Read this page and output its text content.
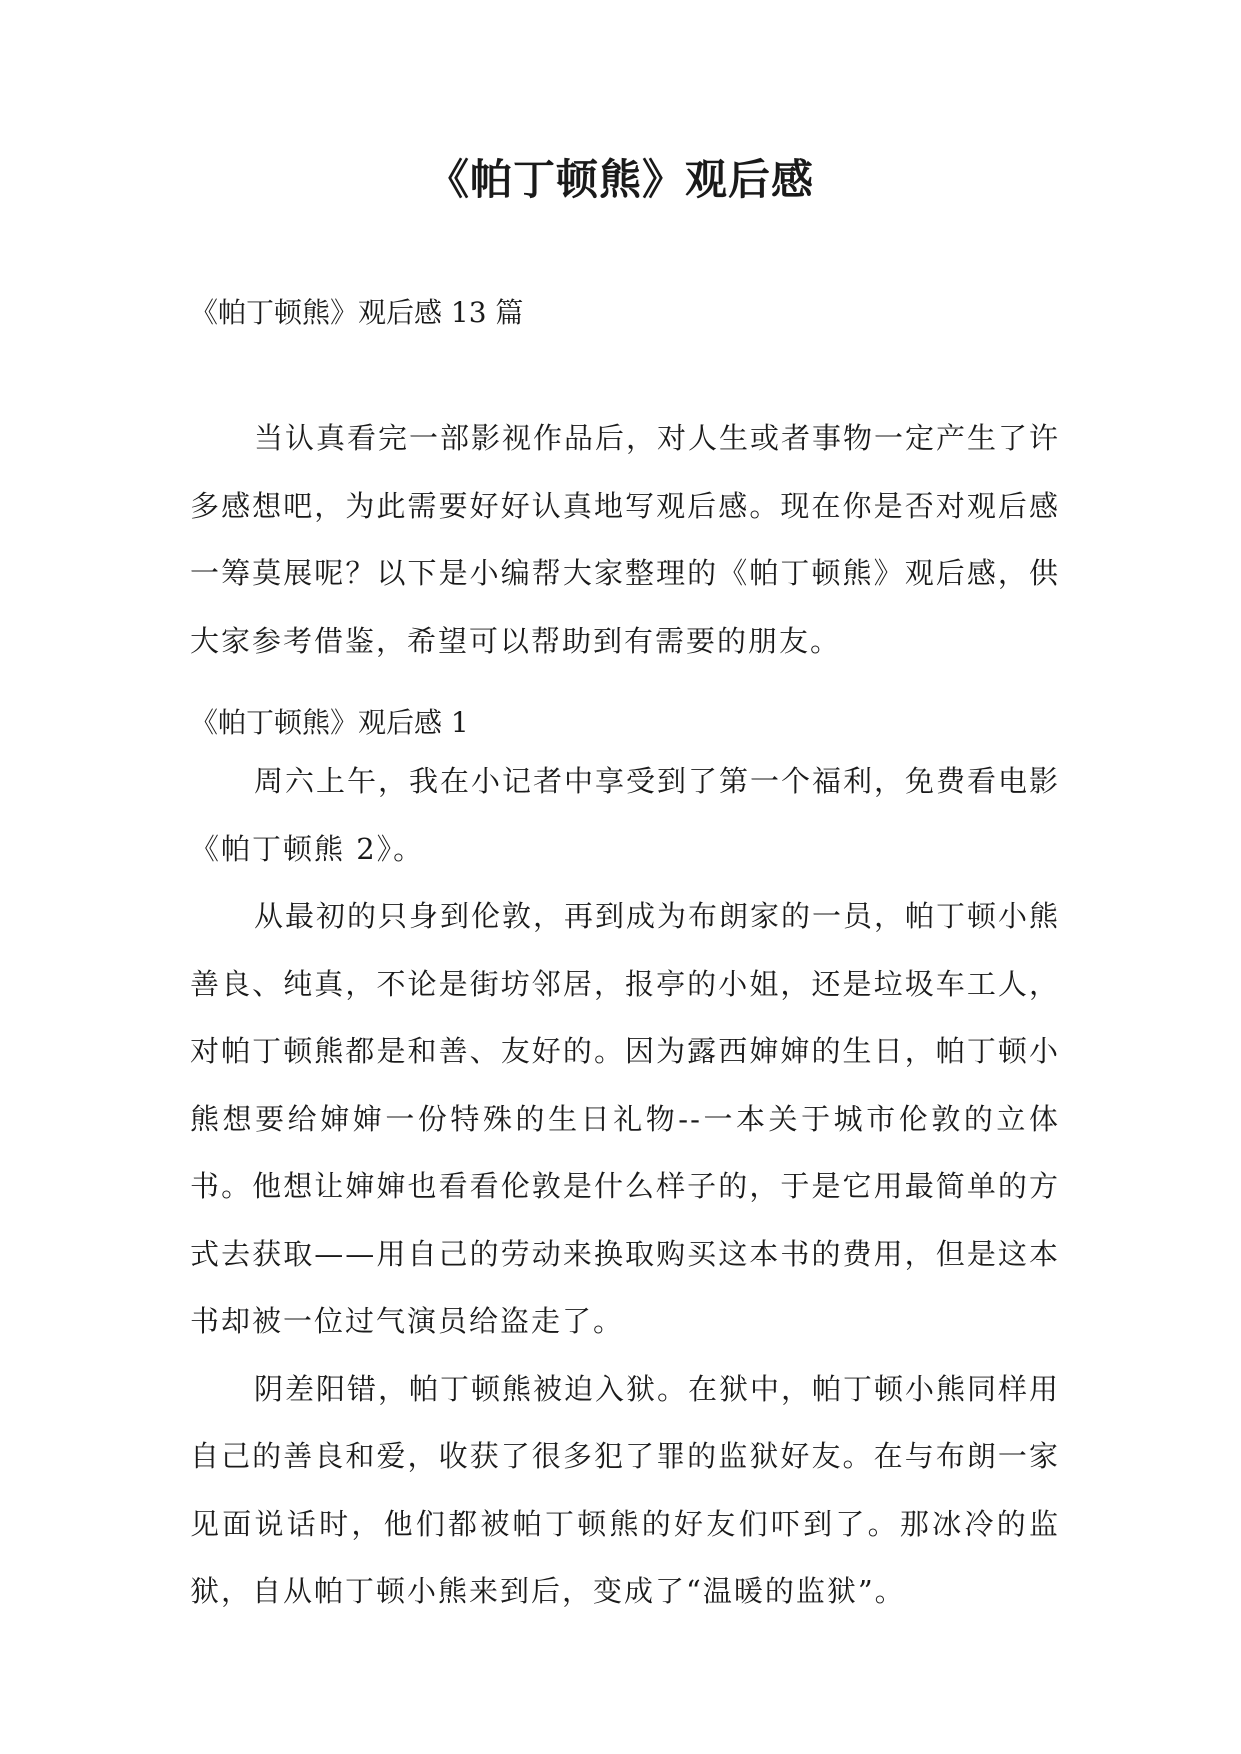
《帕丁顿熊》观后感

《帕丁顿熊》观后感 13 篇

当认真看完一部影视作品后，对人生或者事物一定产生了许多感想吧，为此需要好好认真地写观后感。现在你是否对观后感一筹莫展呢？以下是小编帮大家整理的《帕丁顿熊》观后感，供大家参考借鉴，希望可以帮助到有需要的朋友。

《帕丁顿熊》观后感 1

周六上午，我在小记者中享受到了第一个福利，免费看电影《帕丁顿熊 2》。

从最初的只身到伦敦，再到成为布朗家的一员，帕丁顿小熊善良、纯真，不论是街坊邻居，报亭的小姐，还是垃圾车工人，对帕丁顿熊都是和善、友好的。因为露西婶婶的生日，帕丁顿小熊想要给婶婶一份特殊的生日礼物--一本关于城市伦敦的立体书。他想让婶婶也看看伦敦是什么样子的，于是它用最简单的方式去获取——用自己的劳动来换取购买这本书的费用，但是这本书却被一位过气演员给盗走了。

阴差阳错，帕丁顿熊被迫入狱。在狱中，帕丁顿小熊同样用自己的善良和爱，收获了很多犯了罪的监狱好友。在与布朗一家见面说话时，他们都被帕丁顿熊的好友们吓到了。那冰冷的监狱，自从帕丁顿小熊来到后，变成了“温暖的监狱”。
